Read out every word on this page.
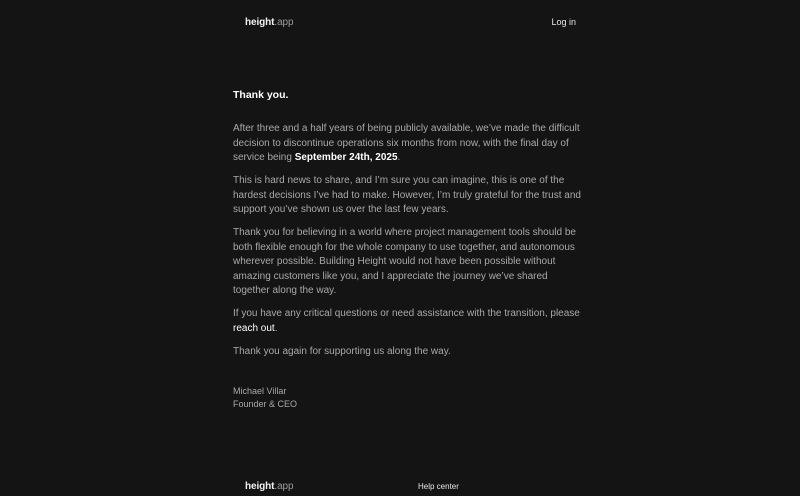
height.app	Log in
Thank you.

After three and a half years of being publicly available, we’ve made the difficult decision to discontinue operations six months from now, with the final day of service being September 24th, 2025.

This is hard news to share, and I’m sure you can imagine, this is one of the hardest decisions I’ve had to make. However, I’m truly grateful for the trust and support you’ve shown us over the last few years.

Thank you for believing in a world where project management tools should be both flexible enough for the whole company to use together, and autonomous wherever possible. Building Height would not have been possible without amazing customers like you, and I appreciate the journey we’ve shared together along the way.

If you have any critical questions or need assistance with the transition, please reach out.

Thank you again for supporting us along the way.

Michael Villar
Founder & CEO
height.app	Help center
